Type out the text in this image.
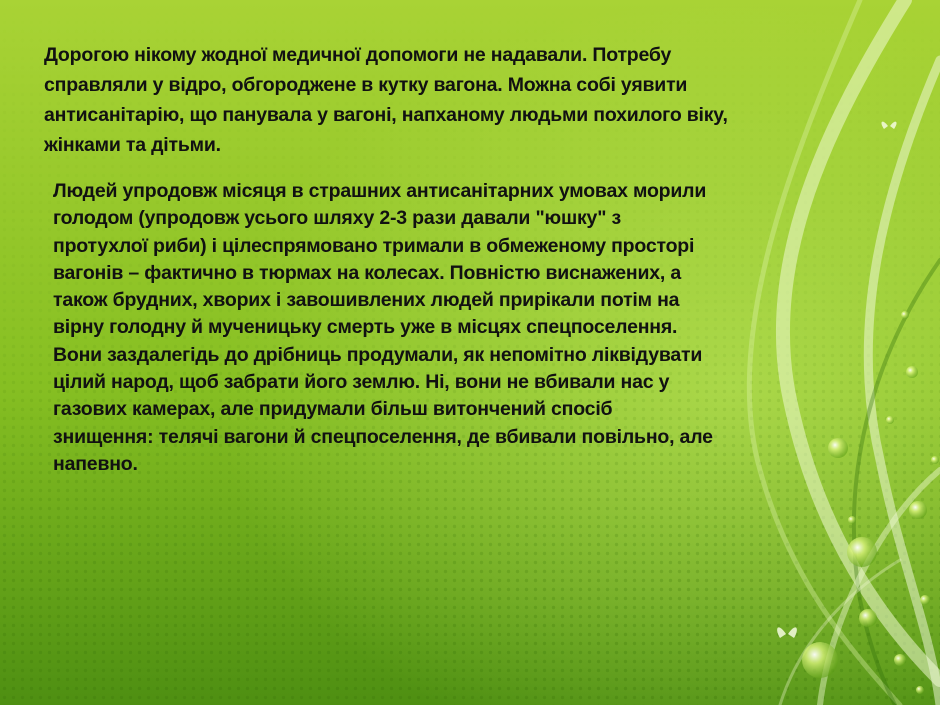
Дорогою нікому жодної медичної допомоги не надавали. Потребу
справляли у відро, обгороджене в кутку вагона. Можна собі уявити
антисанітарію, що панувала у вагоні, напханому людьми похилого віку,
жінками та дітьми.
Людей упродовж місяця в страшних антисанітарних умовах морили
голодом (упродовж усього шляху 2-3 рази давали "юшку" з
протухлої риби) і цілеспрямовано тримали в обмеженому просторі
вагонів – фактично в тюрмах на колесах. Повністю виснажених, а
також брудних, хворих і завошивлених людей прирікали потім на
вірну голодну й мученицьку смерть уже в місцях спецпоселення.
Вони заздалегідь до дрібниць продумали, як непомітно ліквідувати
цілий народ, щоб забрати його землю. Ні, вони не вбивали нас у
газових камерах, але придумали більш витончений спосіб
знищення: телячі вагони й спецпоселення, де вбивали повільно, але
напевно.
